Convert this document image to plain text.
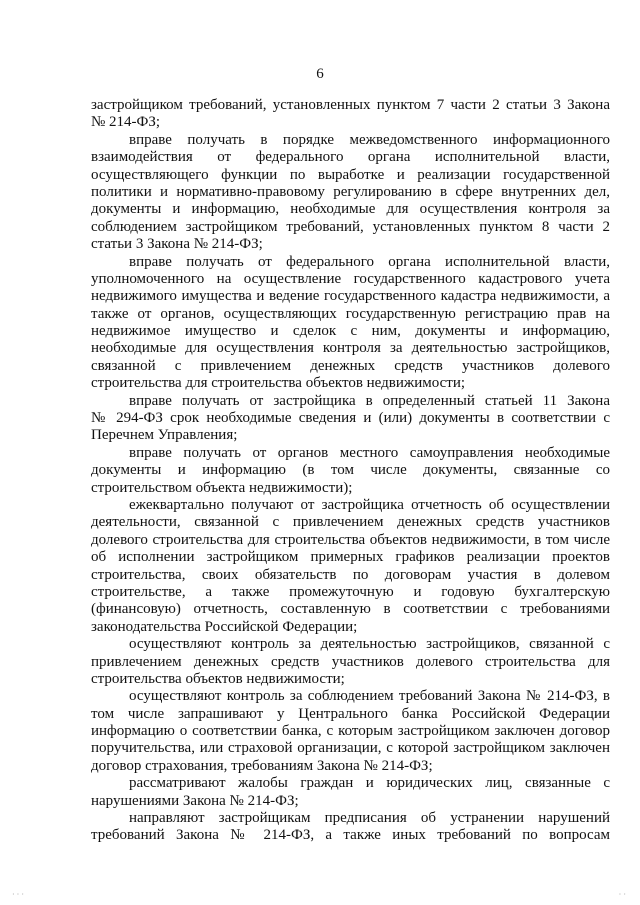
6
застройщиком требований, установленных пунктом 7 части 2 статьи 3 Закона
№ 214-ФЗ;
вправе получать в порядке межведомственного информационного
взаимодействия от федерального органа исполнительной власти,
осуществляющего функции по выработке и реализации государственной
политики и нормативно-правовому регулированию в сфере внутренних дел,
документы и информацию, необходимые для осуществления контроля за
соблюдением застройщиком требований, установленных пунктом 8 части 2
статьи 3 Закона № 214-ФЗ;
вправе получать от федерального органа исполнительной власти,
уполномоченного на осуществление государственного кадастрового учета
недвижимого имущества и ведение государственного кадастра недвижимости, а
также от органов, осуществляющих государственную регистрацию прав на
недвижимое имущество и сделок с ним, документы и информацию,
необходимые для осуществления контроля за деятельностью застройщиков,
связанной с привлечением денежных средств участников долевого
строительства для строительства объектов недвижимости;
вправе получать от застройщика в определенный статьей 11 Закона
№ 294-ФЗ срок необходимые сведения и (или) документы в соответствии с
Перечнем Управления;
вправе получать от органов местного самоуправления необходимые
документы и информацию (в том числе документы, связанные со
строительством объекта недвижимости);
ежеквартально получают от застройщика отчетность об осуществлении
деятельности, связанной с привлечением денежных средств участников
долевого строительства для строительства объектов недвижимости, в том числе
об исполнении застройщиком примерных графиков реализации проектов
строительства, своих обязательств по договорам участия в долевом
строительстве, а также промежуточную и годовую бухгалтерскую
(финансовую) отчетность, составленную в соответствии с требованиями
законодательства Российской Федерации;
осуществляют контроль за деятельностью застройщиков, связанной с
привлечением денежных средств участников долевого строительства для
строительства объектов недвижимости;
осуществляют контроль за соблюдением требований Закона № 214-ФЗ, в
том числе запрашивают у Центрального банка Российской Федерации
информацию о соответствии банка, с которым застройщиком заключен договор
поручительства, или страховой организации, с которой застройщиком заключен
договор страхования, требованиям Закона № 214-ФЗ;
рассматривают жалобы граждан и юридических лиц, связанные с
нарушениями Закона № 214-ФЗ;
направляют застройщикам предписания об устранении нарушений
требований Закона № 214-ФЗ, а также иных требований по вопросам
· · ·	· ·
